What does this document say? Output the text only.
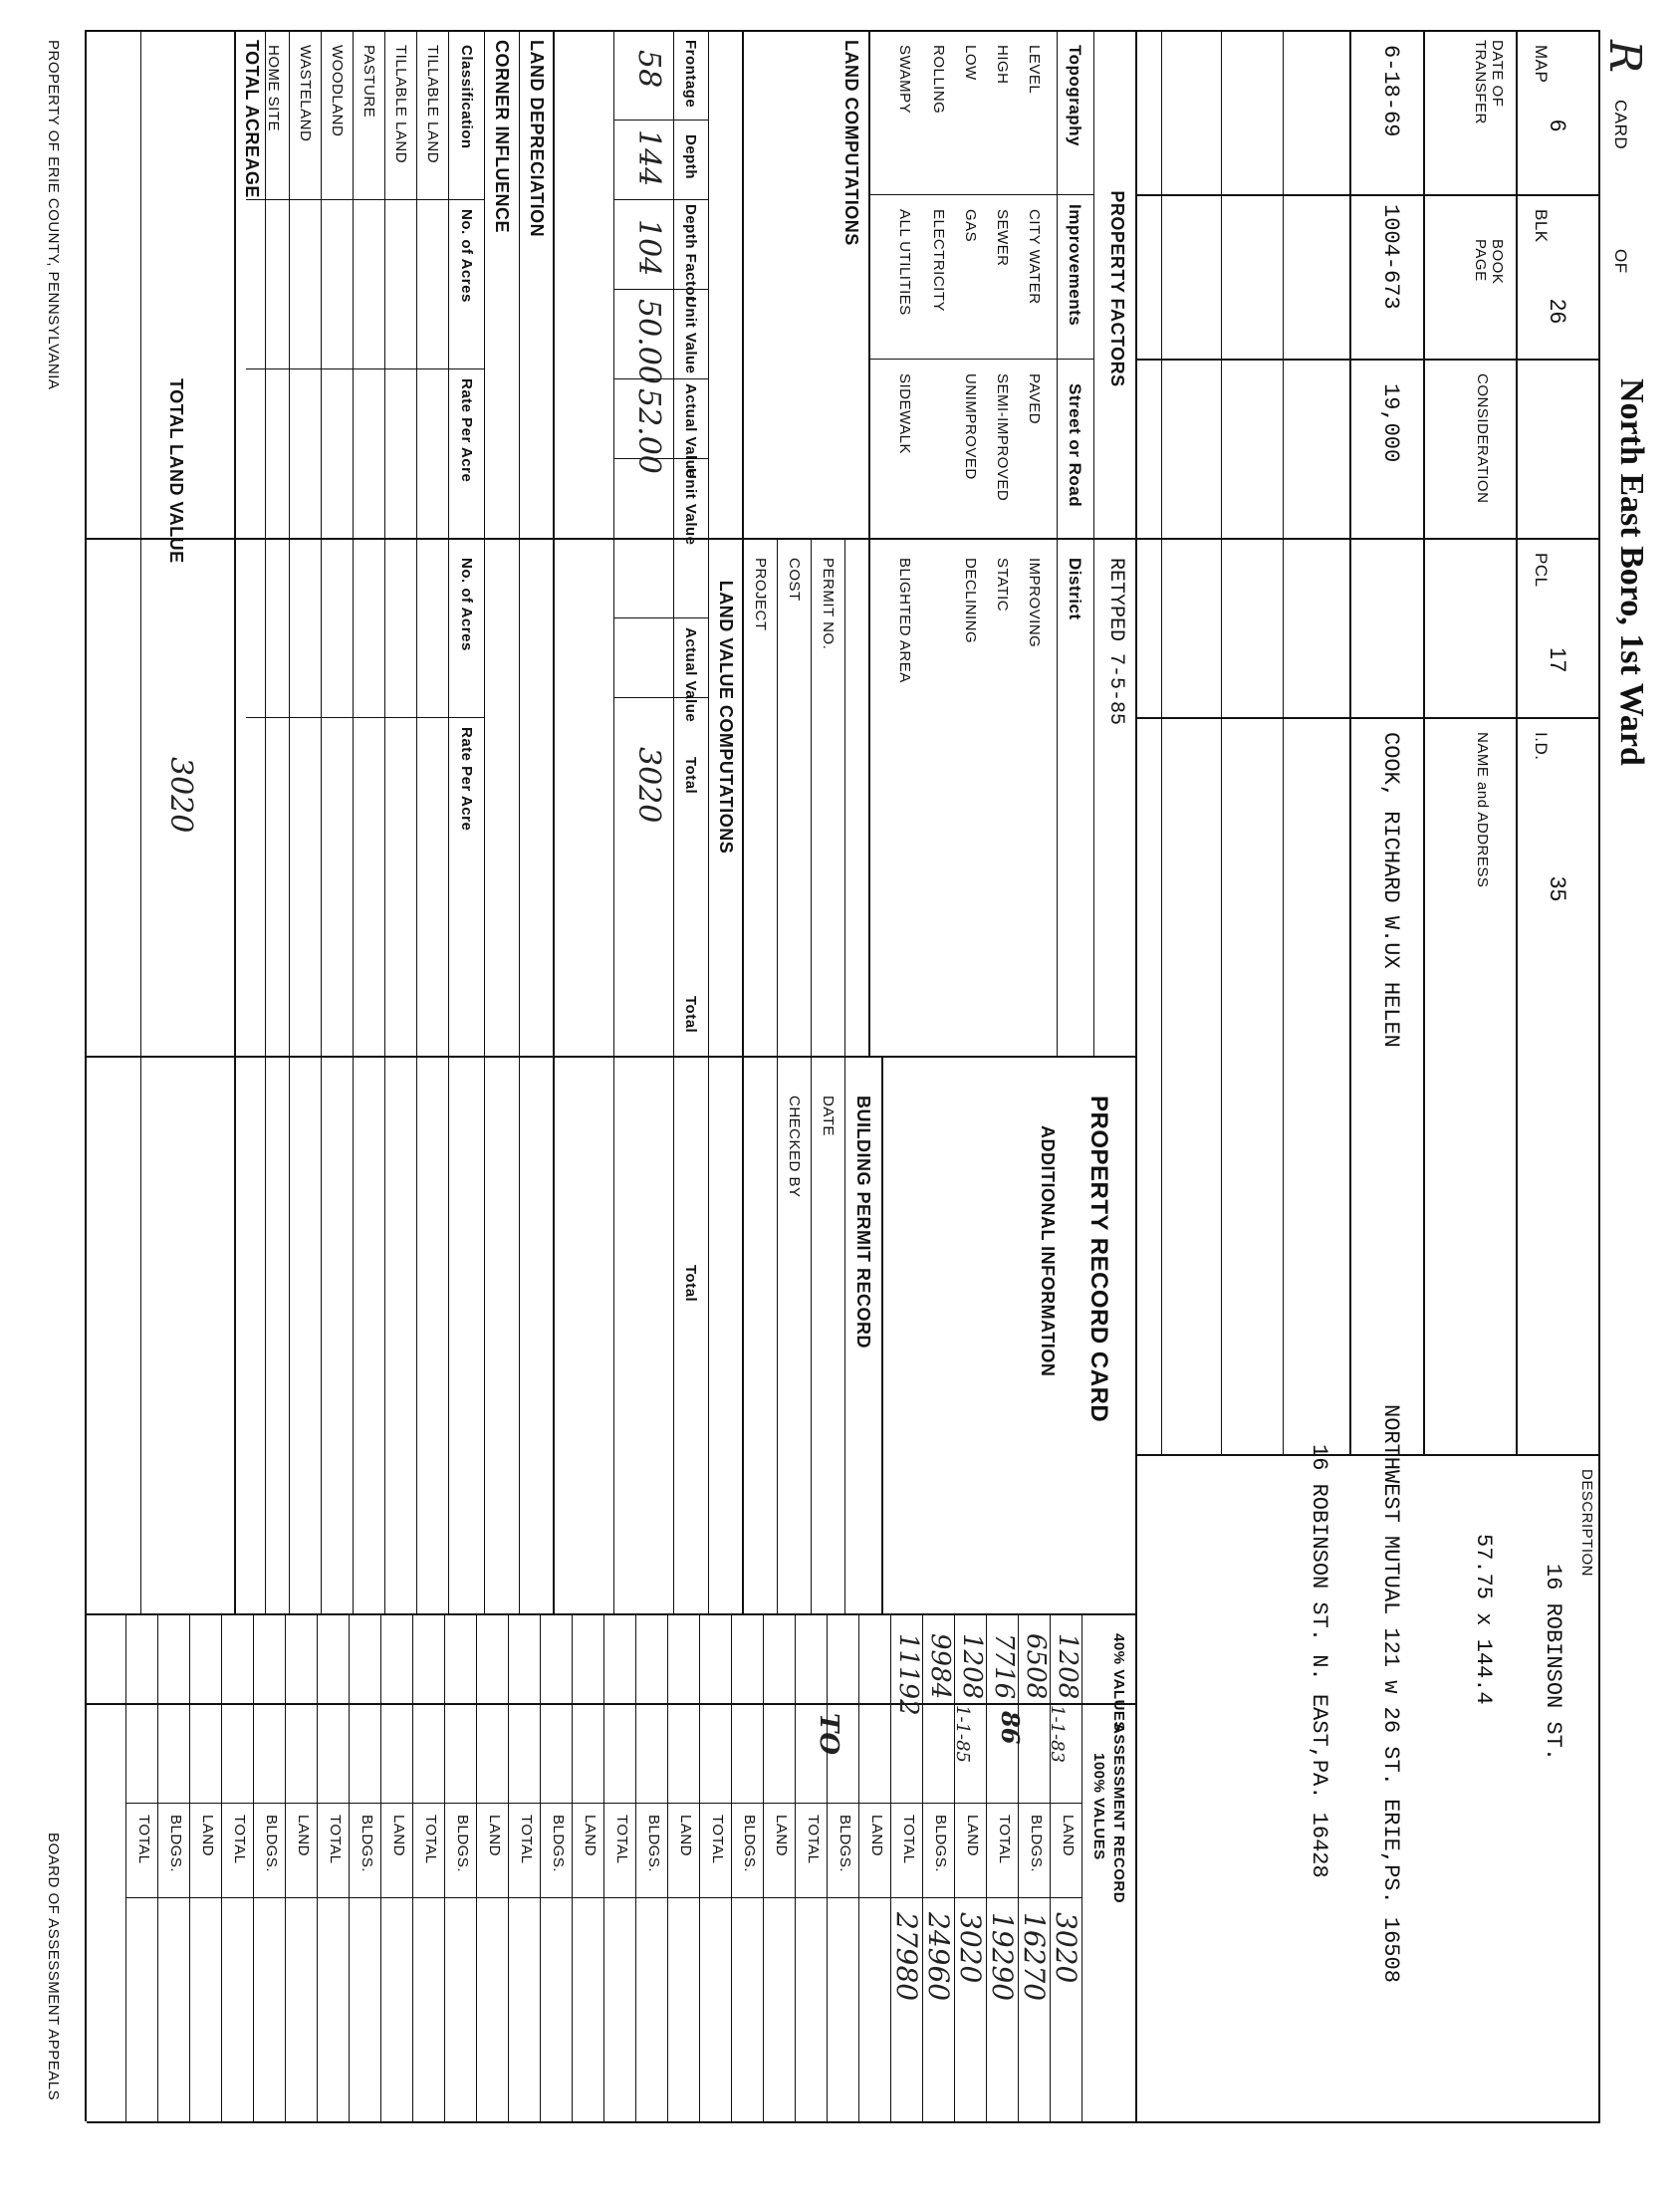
R
CARD
OF
North East Boro, 1st Ward
DESCRIPTION
16 ROBINSON ST.
57.75 x 144.4
MAP
6
BLK
26
PCL
17
I.D.
35
DATE OF TRANSFER
BOOK PAGE
CONSIDERATION
NAME and ADDRESS
6-18-69
1004-673
19,000
COOK, RICHARD W.UX HELEN
NORTHWEST MUTUAL 121 w 26 ST. ERIE,PS. 16508
16 ROBINSON ST. N. EAST,PA. 16428
PROPERTY FACTORS
RETYPED 7-5-85
Topography
Improvements
Street or Road
District
LEVEL
HIGH
LOW
ROLLING
SWAMPY
CITY WATER
SEWER
GAS
ELECTRICITY
ALL UTILITIES
PAVED
SEMI-IMPROVED
UNIMPROVED
SIDEWALK
IMPROVING
STATIC
DECLINING
BLIGHTED AREA
LAND COMPUTATIONS
PROPERTY RECORD CARD
ADDITIONAL INFORMATION
BUILDING PERMIT RECORD
PERMIT NO.
DATE
COST
CHECKED BY
PROJECT
LAND VALUE COMPUTATIONS
Frontage
Depth
Depth Factor
Unit Value
Actual Value
Unit Value
Actual Value
Total
Total
Total
58
144
104
50.00
52.00
3020
LAND DEPRECIATION
CORNER INFLUENCE
Classification
No. of Acres
Rate Per Acre
No. of Acres
Rate Per Acre
TILLABLE LAND
TILLABLE LAND
PASTURE
WOODLAND
WASTELAND
HOME SITE
TOTAL ACREAGE
TOTAL LAND VALUE
3020
40% VALUES
ASSESSMENT RECORD
100% VALUES
1208
6508
7716
1208
9984
11192
1-1-83
1-1-85 86
TO
3020
16270
19290
3020
24960
27980
PROPERTY OF ERIE COUNTY, PENNSYLVANIA
BOARD OF ASSESSMENT APPEALS	LAND
BLDGS.
TOTAL
LAND
BLDGS.
TOTAL
LAND
BLDGS.
TOTAL
LAND
BLDGS.
TOTAL
LAND
BLDGS.
TOTAL
LAND
BLDGS.
TOTAL
LAND
BLDGS.
TOTAL
LAND
BLDGS.
TOTAL
LAND
BLDGS.
TOTAL
LAND
BLDGS.
TOTAL
